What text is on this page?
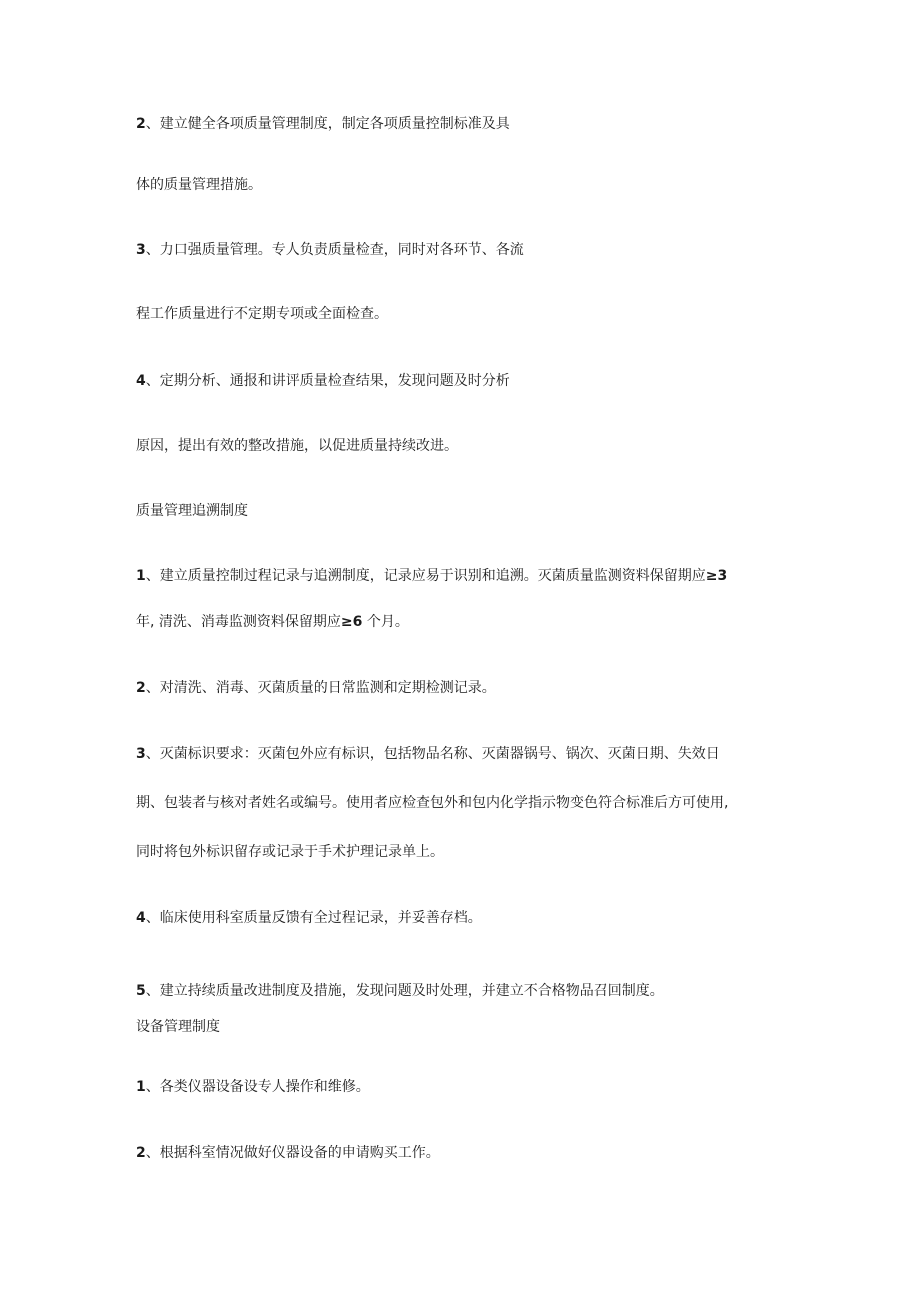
2、建立健全各项质量管理制度，制定各项质量控制标准及具

体的质量管理措施。

3、力口强质量管理。专人负责质量检查，同时对各环节、各流

程工作质量进行不定期专项或全面检查。

4、定期分析、通报和讲评质量检查结果，发现问题及时分析

原因，提出有效的整改措施，以促进质量持续改进。

质量管理追溯制度

1、建立质量控制过程记录与追溯制度，记录应易于识别和追溯。灭菌质量监测资料保留期应≥3

年, 清洗、消毒监测资料保留期应≥6 个月。

2、对清洗、消毒、灭菌质量的日常监测和定期检测记录。

3、灭菌标识要求：灭菌包外应有标识，包括物品名称、灭菌器锅号、锅次、灭菌日期、失效日

期、包装者与核对者姓名或编号。使用者应检查包外和包内化学指示物变色符合标准后方可使用,

同时将包外标识留存或记录于手术护理记录单上。

4、临床使用科室质量反馈有全过程记录，并妥善存档。

5、建立持续质量改进制度及措施，发现问题及时处理，并建立不合格物品召回制度。

设备管理制度

1、各类仪器设备设专人操作和维修。

2、根据科室情况做好仪器设备的申请购买工作。
